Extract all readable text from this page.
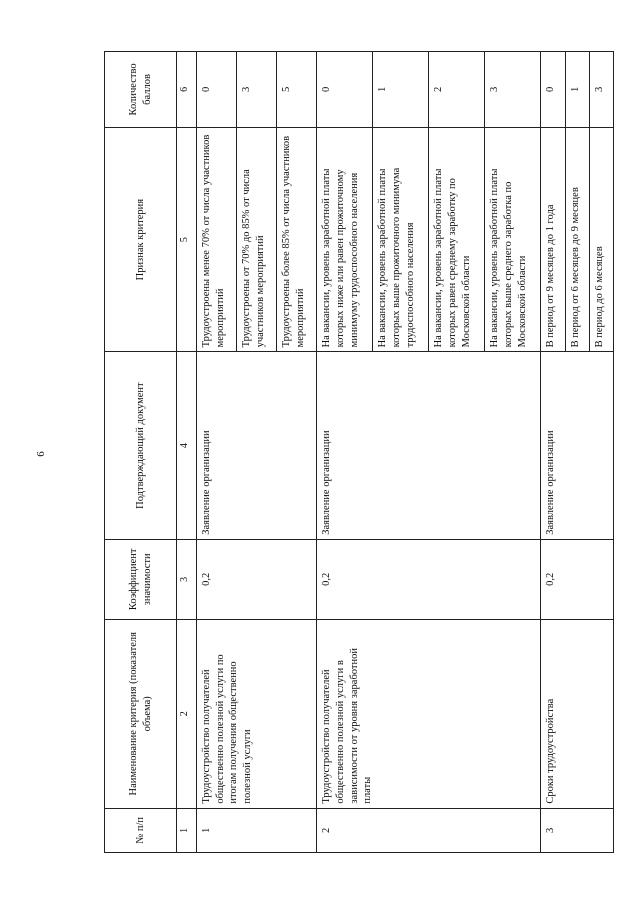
6
№ п/п	Наименование критерия (показателя объема)	Коэффициент значимости	Подтверждающий документ	Признак критерия	Количество баллов
1	2	3	4	5	6
1	Трудоустройство получателей общественно полезной услуги по итогам получения общественно полезной услуги	0,2	Заявление организации	Трудоустроены менее 70% от числа участников мероприятий	0
				Трудоустроены от 70% до 85% от числа участников мероприятий	3
				Трудоустроены более 85% от числа участников мероприятий	5
2	Трудоустройство получателей общественно полезной услуги в зависимости от уровня заработной платы	0,2	Заявление организации	На вакансии, уровень заработной платы которых ниже или равен прожиточному минимуму трудоспособного населения	0
				На вакансии, уровень заработной платы которых выше прожиточного минимума трудоспособного населения	1
				На вакансии, уровень заработной платы которых равен среднему заработку по Московской области	2
				На вакансии, уровень заработной платы которых выше среднего заработка по Московской области	3
3	Сроки трудоустройства	0,2	Заявление организации	В период от 9 месяцев до 1 года	0
				В период от 6 месяцев до 9 месяцев	1
				В период до 6 месяцев	3
